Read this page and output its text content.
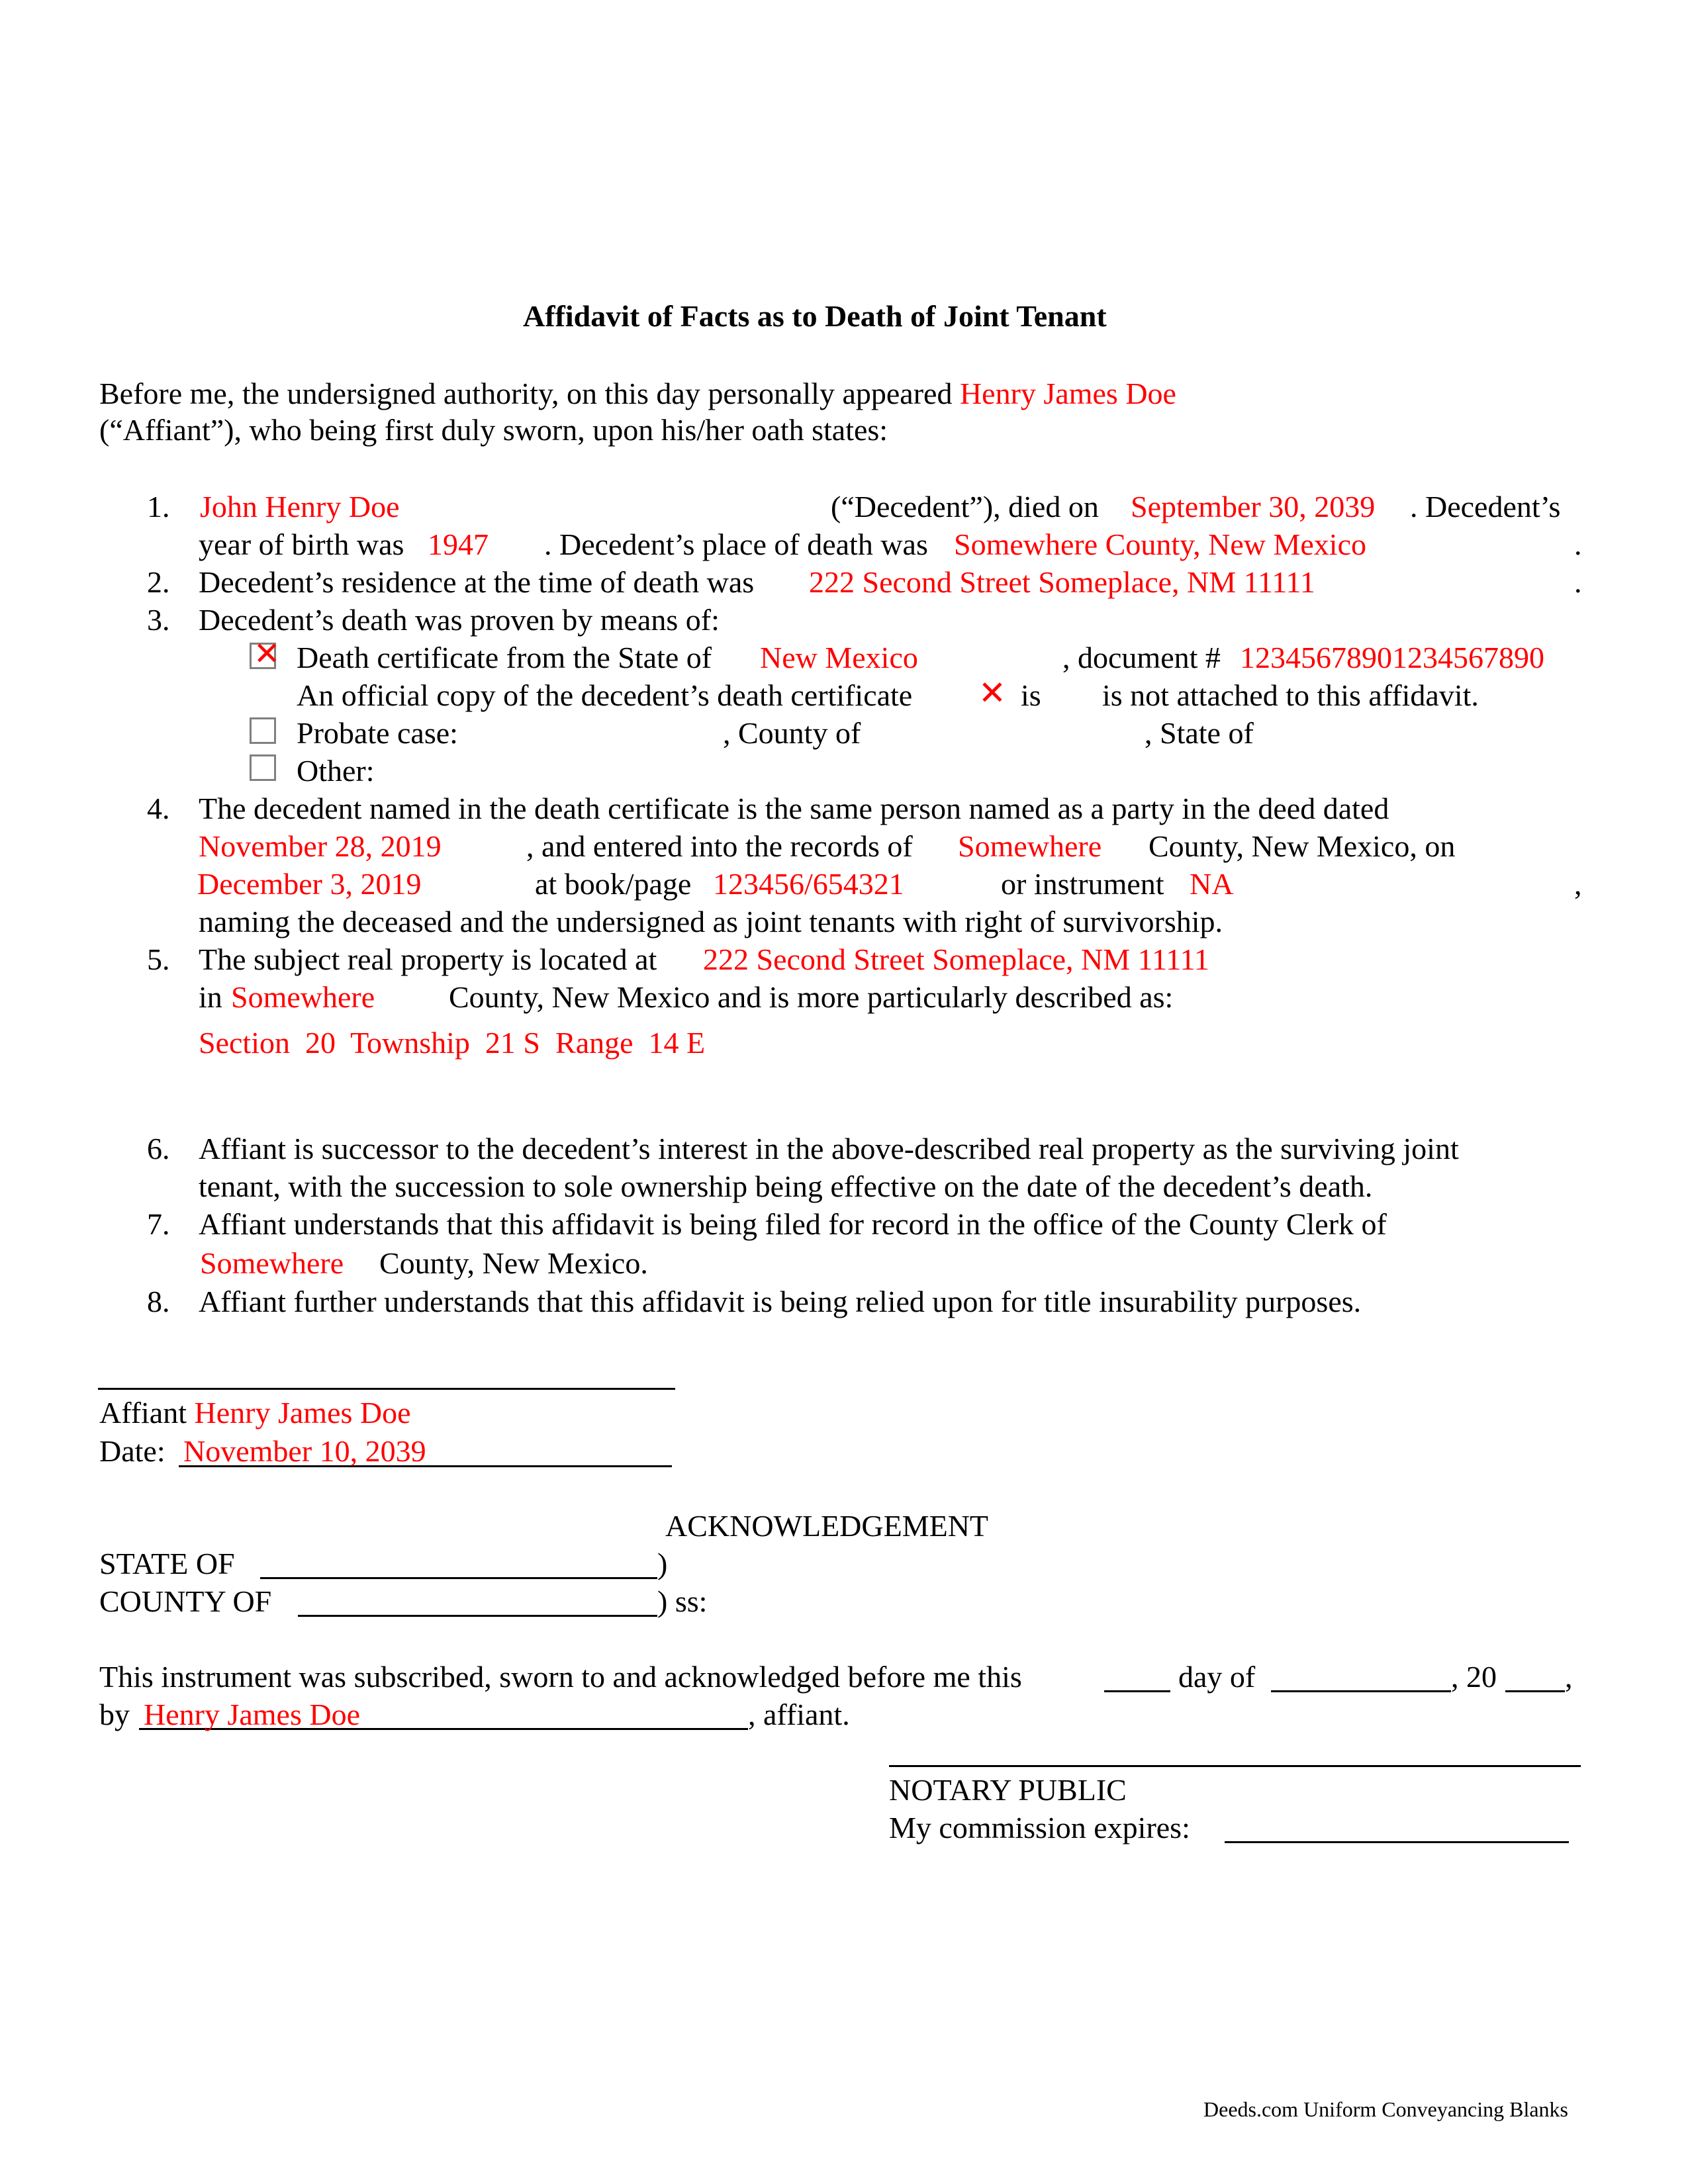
Affidavit of Facts as to Death of Joint Tenant
Before me, the undersigned authority, on this day personally appeared Henry James Doe
(“Affiant”), who being first duly sworn, upon his/her oath states:
1. John Henry Doe	(“Decedent”), died on September 30, 2039 . Decedent’s
year of birth was 1947 . Decedent’s place of death was Somewhere County, New Mexico	.
2. Decedent’s residence at the time of death was 222 Second Street Someplace, NM 11111	.
3. Decedent’s death was proven by means of:
✕ Death certificate from the State of New Mexico	, document # 12345678901234567890
An official copy of the decedent’s death certificate ✕ is is not attached to this affidavit.
Probate case:	, County of	, State of
Other:
4. The decedent named in the death certificate is the same person named as a party in the deed dated
November 28, 2019	, and entered into the records of Somewhere County, New Mexico, on
December 3, 2019	at book/page 123456/654321	or instrument NA	,
naming the deceased and the undersigned as joint tenants with right of survivorship.
5. The subject real property is located at 222 Second Street Someplace, NM 11111
in Somewhere County, New Mexico and is more particularly described as:
Section  20  Township  21 S  Range  14 E
6. Affiant is successor to the decedent’s interest in the above-described real property as the surviving joint
tenant, with the succession to sole ownership being effective on the date of the decedent’s death.
7. Affiant understands that this affidavit is being filed for record in the office of the County Clerk of
Somewhere County, New Mexico.
8. Affiant further understands that this affidavit is being relied upon for title insurability purposes.
Affiant Henry James Doe
Date: November 10, 2039
ACKNOWLEDGEMENT
STATE OF	)
COUNTY OF	) ss:
This instrument was subscribed, sworn to and acknowledged before me this	day of	, 20 ,
by Henry James Doe	, affiant.
NOTARY PUBLIC
My commission expires:
Deeds.com Uniform Conveyancing Blanks
